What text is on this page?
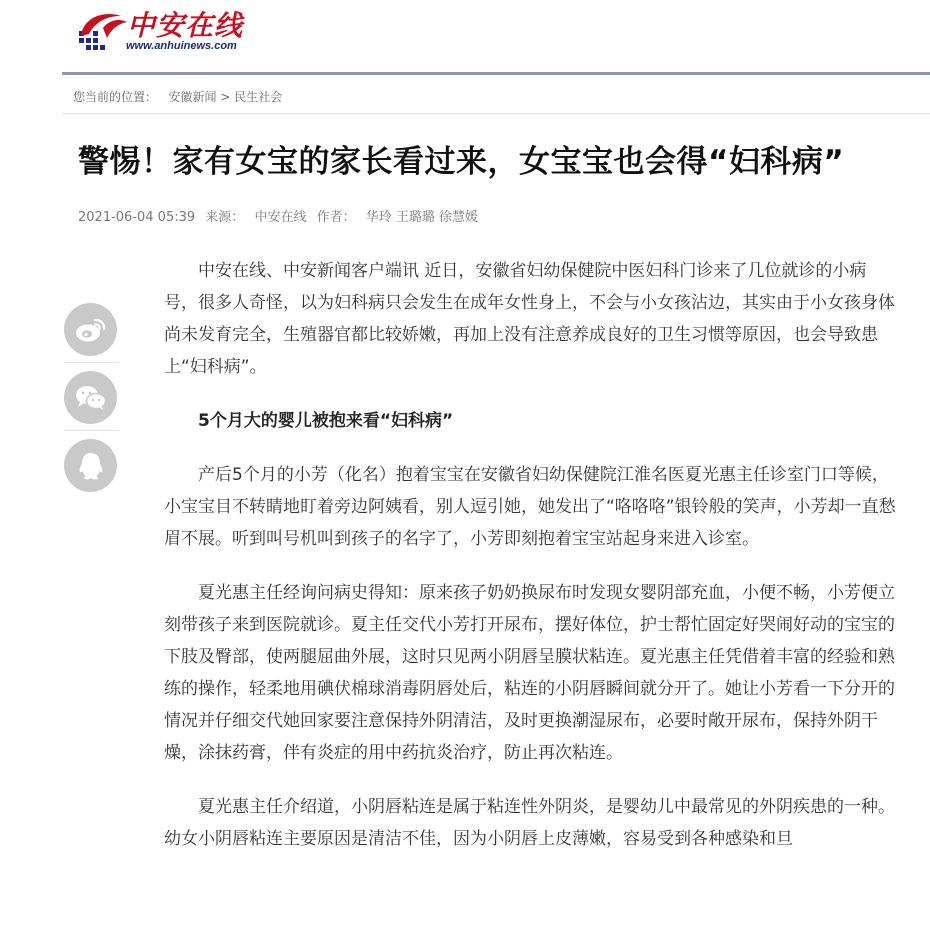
中安在线
www.anhuinews.com
您当前的位置： 安徽新闻 > 民生社会
警惕！家有女宝的家长看过来，女宝宝也会得“妇科病”
2021-06-04 05:39 来源： 中安在线 作者： 华玲 王璐璐 徐慧媛

中安在线、中安新闻客户端讯 近日，安徽省妇幼保健院中医妇科门诊来了几位就诊的小病号，很多人奇怪，以为妇科病只会发生在成年女性身上，不会与小女孩沾边，其实由于小女孩身体尚未发育完全，生殖器官都比较娇嫩，再加上没有注意养成良好的卫生习惯等原因，也会导致患上“妇科病”。

5个月大的婴儿被抱来看“妇科病”

产后5个月的小芳（化名）抱着宝宝在安徽省妇幼保健院江淮名医夏光惠主任诊室门口等候，小宝宝目不转睛地盯着旁边阿姨看，别人逗引她，她发出了“咯咯咯”银铃般的笑声，小芳却一直愁眉不展。听到叫号机叫到孩子的名字了，小芳即刻抱着宝宝站起身来进入诊室。

夏光惠主任经询问病史得知：原来孩子奶奶换尿布时发现女婴阴部充血，小便不畅，小芳便立刻带孩子来到医院就诊。夏主任交代小芳打开尿布，摆好体位，护士帮忙固定好哭闹好动的宝宝的下肢及臀部，使两腿屈曲外展，这时只见两小阴唇呈膜状粘连。夏光惠主任凭借着丰富的经验和熟练的操作，轻柔地用碘伏棉球消毒阴唇处后，粘连的小阴唇瞬间就分开了。她让小芳看一下分开的情况并仔细交代她回家要注意保持外阴清洁，及时更换潮湿尿布，必要时敞开尿布，保持外阴干燥，涂抹药膏，伴有炎症的用中药抗炎治疗，防止再次粘连。

夏光惠主任介绍道，小阴唇粘连是属于粘连性外阴炎，是婴幼儿中最常见的外阴疾患的一种。幼女小阴唇粘连主要原因是清洁不佳，因为小阴唇上皮薄嫩，容易受到各种感染和旦
